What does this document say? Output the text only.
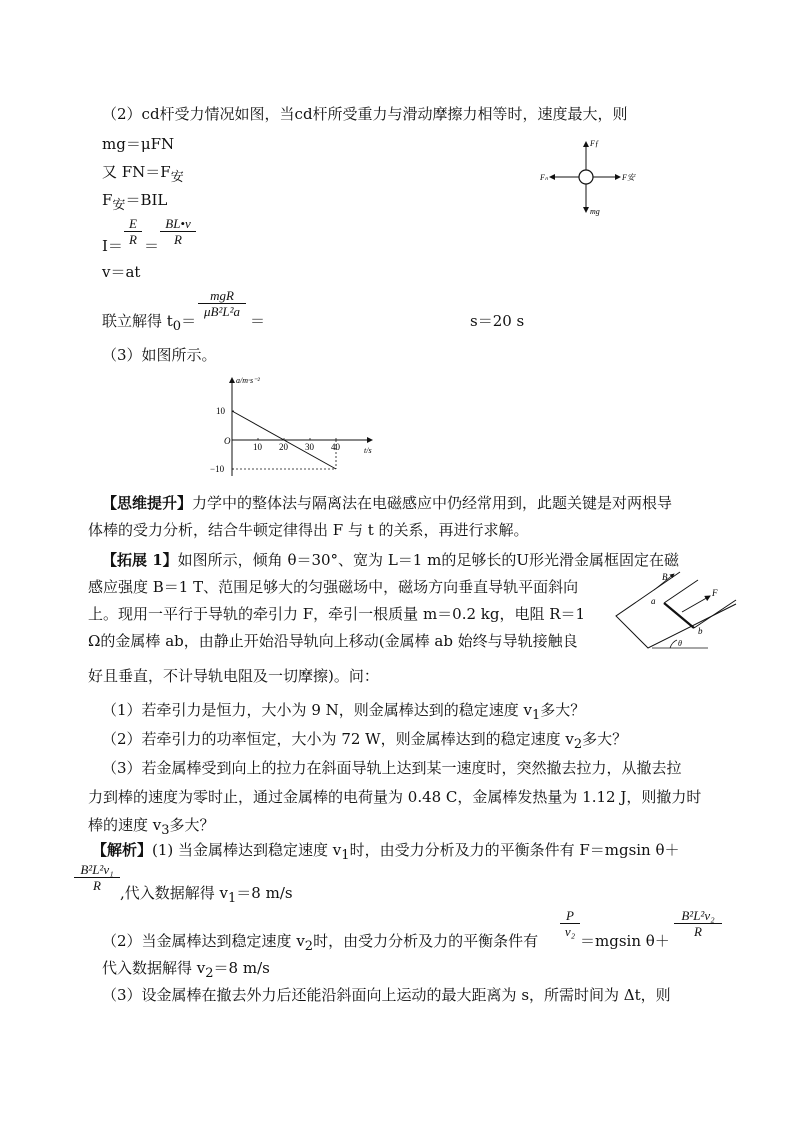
（2）cd杆受力情况如图，当cd杆所受重力与滑动摩擦力相等时，速度最大，则
mg＝μFN
又 $FN=F_安$
$F_安=BIL$
$I= \frac{E}{R} = \frac{BL•v}{R}$
v＝at
联立解得 $t_0=$
mgR
μB²L²a
＝	s＝20 s
Fƒ
Fₙ	F安
mg
（3）如图所示。
a/m·s⁻²
t/s
O
10 20 30 40
10
−10
【思维提升】力学中的整体法与隔离法在电磁感应中仍经常用到，此题关键是对两根导
体棒的受力分析，结合牛顿定律得出 F 与 t 的关系，再进行求解。
【拓展 1】如图所示，倾角 θ＝30°、宽为 L＝1 m的足够长的U形光滑金属框固定在磁
感应强度 B＝1 T、范围足够大的匀强磁场中，磁场方向垂直导轨平面斜向
上。现用一平行于导轨的牵引力 F，牵引一根质量 m＝0.2 kg，电阻 R＝1
Ω的金属棒 ab，由静止开始沿导轨向上移动(金属棒 ab 始终与导轨接触良
好且垂直，不计导轨电阻及一切摩擦)。问：
B
a
b
F
θ
（1）若牵引力是恒力，大小为 9 N，则金属棒达到的稳定速度 $v_1$多大？
（2）若牵引力的功率恒定，大小为 72 W，则金属棒达到的稳定速度 $v_2$多大？
（3）若金属棒受到向上的拉力在斜面导轨上达到某一速度时，突然撤去拉力，从撤去拉
力到棒的速度为零时止，通过金属棒的电荷量为 0.48 C，金属棒发热量为 1.12 J，则撤力时
棒的速度 $v_3$多大？
【解析】(1) 当金属棒达到稳定速度 $v_1$时，由受力分析及力的平衡条件有 F＝mgsin θ＋
$\frac{\text{B²L²v₁}}{R}$ ,代入数据解得 $v_1=8$ m/s
（2）当金属棒达到稳定速度 $v_2$时，由受力分析及力的平衡条件有
$\frac{P}{\text{v₂}}$
＝mgsin θ＋
$\frac{\text{B²L²v₂}}{R}$
代入数据解得 $v_2=8$ m/s
（3）设金属棒在撤去外力后还能沿斜面向上运动的最大距离为 s，所需时间为 Δt，则
